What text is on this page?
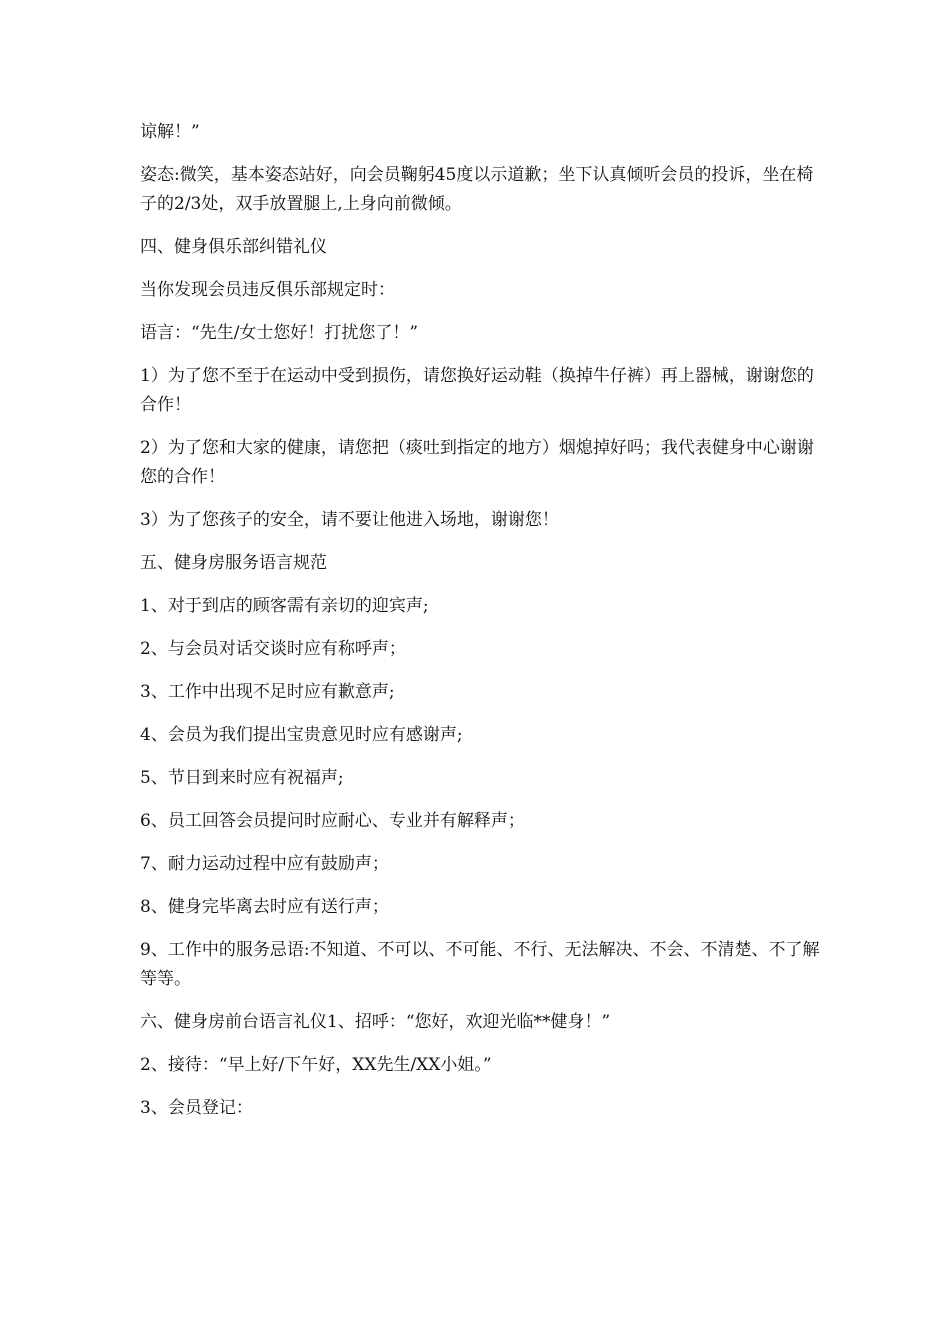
谅解！”

姿态:微笑，基本姿态站好，向会员鞠躬45度以示道歉；坐下认真倾听会员的投诉，坐在椅子的2/3处，双手放置腿上,上身向前微倾。

四、健身俱乐部纠错礼仪

当你发现会员违反俱乐部规定时：

语言：“先生/女士您好！打扰您了！”

1）为了您不至于在运动中受到损伤，请您换好运动鞋（换掉牛仔裤）再上器械，谢谢您的合作！

2）为了您和大家的健康，请您把（痰吐到指定的地方）烟熄掉好吗；我代表健身中心谢谢您的合作！

3）为了您孩子的安全，请不要让他进入场地，谢谢您！

五、健身房服务语言规范

1、对于到店的顾客需有亲切的迎宾声;

2、与会员对话交谈时应有称呼声；

3、工作中出现不足时应有歉意声;

4、会员为我们提出宝贵意见时应有感谢声;

5、节日到来时应有祝福声;

6、员工回答会员提问时应耐心、专业并有解释声；

7、耐力运动过程中应有鼓励声；

8、健身完毕离去时应有送行声；

9、工作中的服务忌语:不知道、不可以、不可能、不行、无法解决、不会、不清楚、不了解等等。

六、健身房前台语言礼仪1、招呼：“您好，欢迎光临**健身！”

2、接待：“早上好/下午好，XX先生/XX小姐。”

3、会员登记：
